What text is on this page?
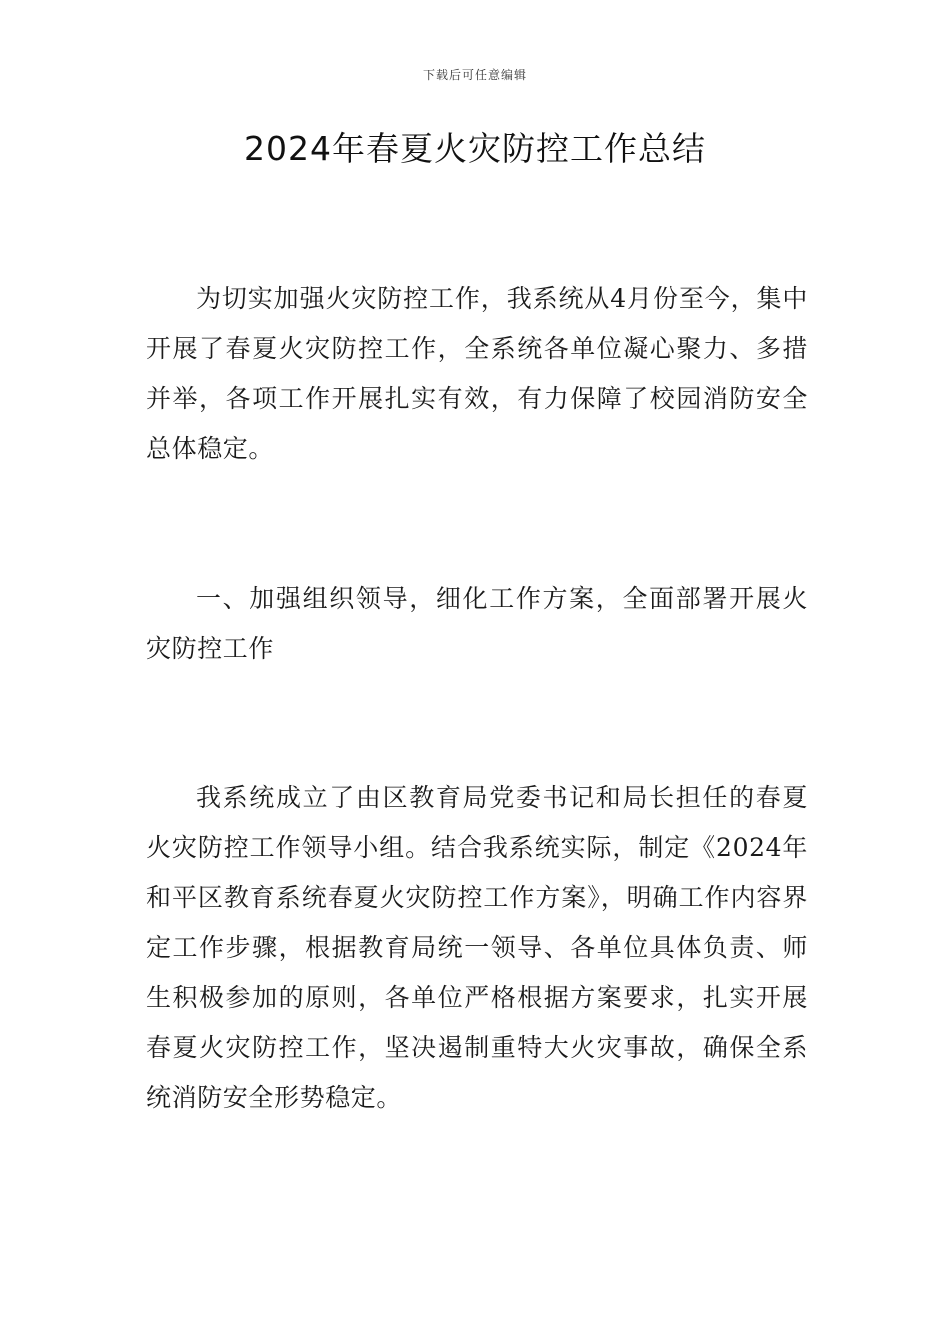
下载后可任意编辑
2024年春夏火灾防控工作总结

为切实加强火灾防控工作，我系统从4月份至今，集中开展了春夏火灾防控工作，全系统各单位凝心聚力、多措并举，各项工作开展扎实有效，有力保障了校园消防安全总体稳定。

一、加强组织领导，细化工作方案，全面部署开展火灾防控工作

我系统成立了由区教育局党委书记和局长担任的春夏火灾防控工作领导小组。结合我系统实际，制定《2024年和平区教育系统春夏火灾防控工作方案》，明确工作内容界定工作步骤，根据教育局统一领导、各单位具体负责、师生积极参加的原则，各单位严格根据方案要求，扎实开展春夏火灾防控工作，坚决遏制重特大火灾事故，确保全系统消防安全形势稳定。
